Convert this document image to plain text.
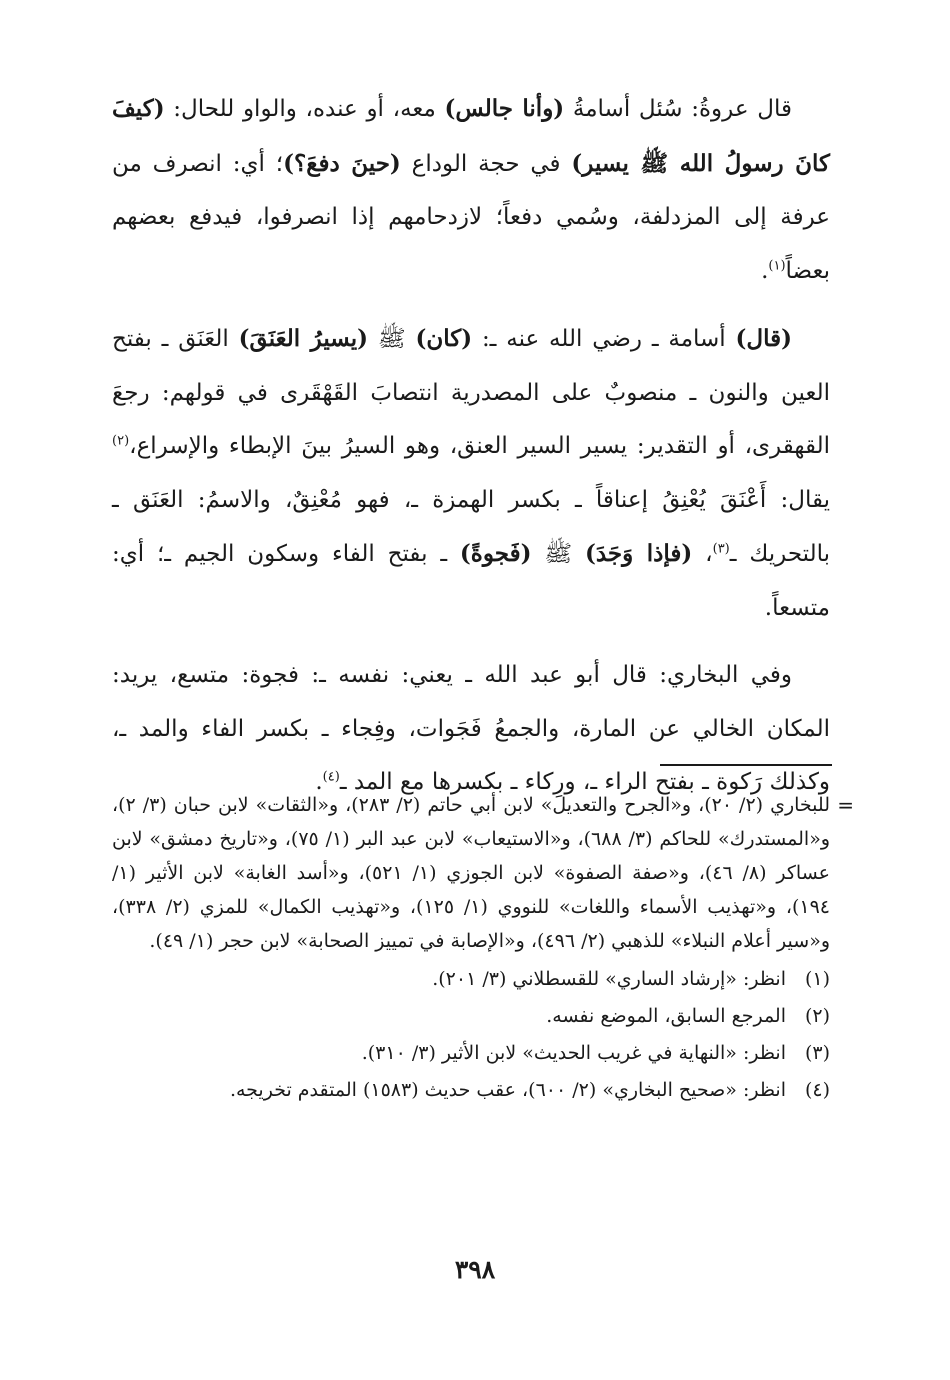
قال عروةُ: سُئل أسامةُ (وأنا جالس) معه، أو عنده، والواو للحال: (كيفَ كانَ رسولُ الله ﷺ يسير) في حجة الوداع (حينَ دفعَ؟)؛ أي: انصرف من عرفة إلى المزدلفة، وسُمي دفعاً؛ لازدحامهم إذا انصرفوا، فيدفع بعضهم بعضاً$^{(١)}$.

(قال) أسامة ـ رضي الله عنه ـ: (كان) ﷺ (يسيرُ العَنَقَ) العَنَق ـ بفتح العين والنون ـ منصوبٌ على المصدرية انتصابَ القَهْقَرى في قولهم: رجعَ القهقرى، أو التقدير: يسير السير العنق، وهو السيرُ بينَ الإبطاء والإسراع،$^{(٢)}$ يقال: أَعْنَقَ يُعْنِقُ إعناقاً ـ بكسر الهمزة ـ، فهو مُعْنِقٌ، والاسمُ: العَنَق ـ بالتحريك ـ$^{(٣)}$، (فإذا وَجَدَ) ﷺ (فَجوةً) ـ بفتح الفاء وسكون الجيم ـ؛ أي: متسعاً.

وفي البخاري: قال أبو عبد الله ـ يعني: نفسه ـ: فجوة: متسع، يريد: المكان الخالي عن المارة، والجمعُ فَجَوات، وفِجاء ـ بكسر الفاء والمد ـ، وكذلك رَكوة ـ بفتح الراء ـ، ورِكاء ـ بكسرها مع المد ـ$^{(٤)}$.

=
للبخاري (٢/ ٢٠)، و«الجرح والتعديل» لابن أبي حاتم (٢/ ٢٨٣)، و«الثقات» لابن حبان (٣/ ٢)، و«المستدرك» للحاكم (٣/ ٦٨٨)، و«الاستيعاب» لابن عبد البر (١/ ٧٥)، و«تاريخ دمشق» لابن عساكر (٨/ ٤٦)، و«صفة الصفوة» لابن الجوزي (١/ ٥٢١)، و«أسد الغابة» لابن الأثير (١/ ١٩٤)، و«تهذيب الأسماء واللغات» للنووي (١/ ١٢٥)، و«تهذيب الكمال» للمزي (٢/ ٣٣٨)، و«سير أعلام النبلاء» للذهبي (٢/ ٤٩٦)، و«الإصابة في تمييز الصحابة» لابن حجر (١/ ٤٩).
(١)
انظر: «إرشاد الساري» للقسطلاني (٣/ ٢٠١).
(٢)
المرجع السابق، الموضع نفسه.
(٣)
انظر: «النهاية في غريب الحديث» لابن الأثير (٣/ ٣١٠).
(٤)
انظر: «صحيح البخاري» (٢/ ٦٠٠)، عقب حديث (١٥٨٣) المتقدم تخريجه.
٣٩٨
